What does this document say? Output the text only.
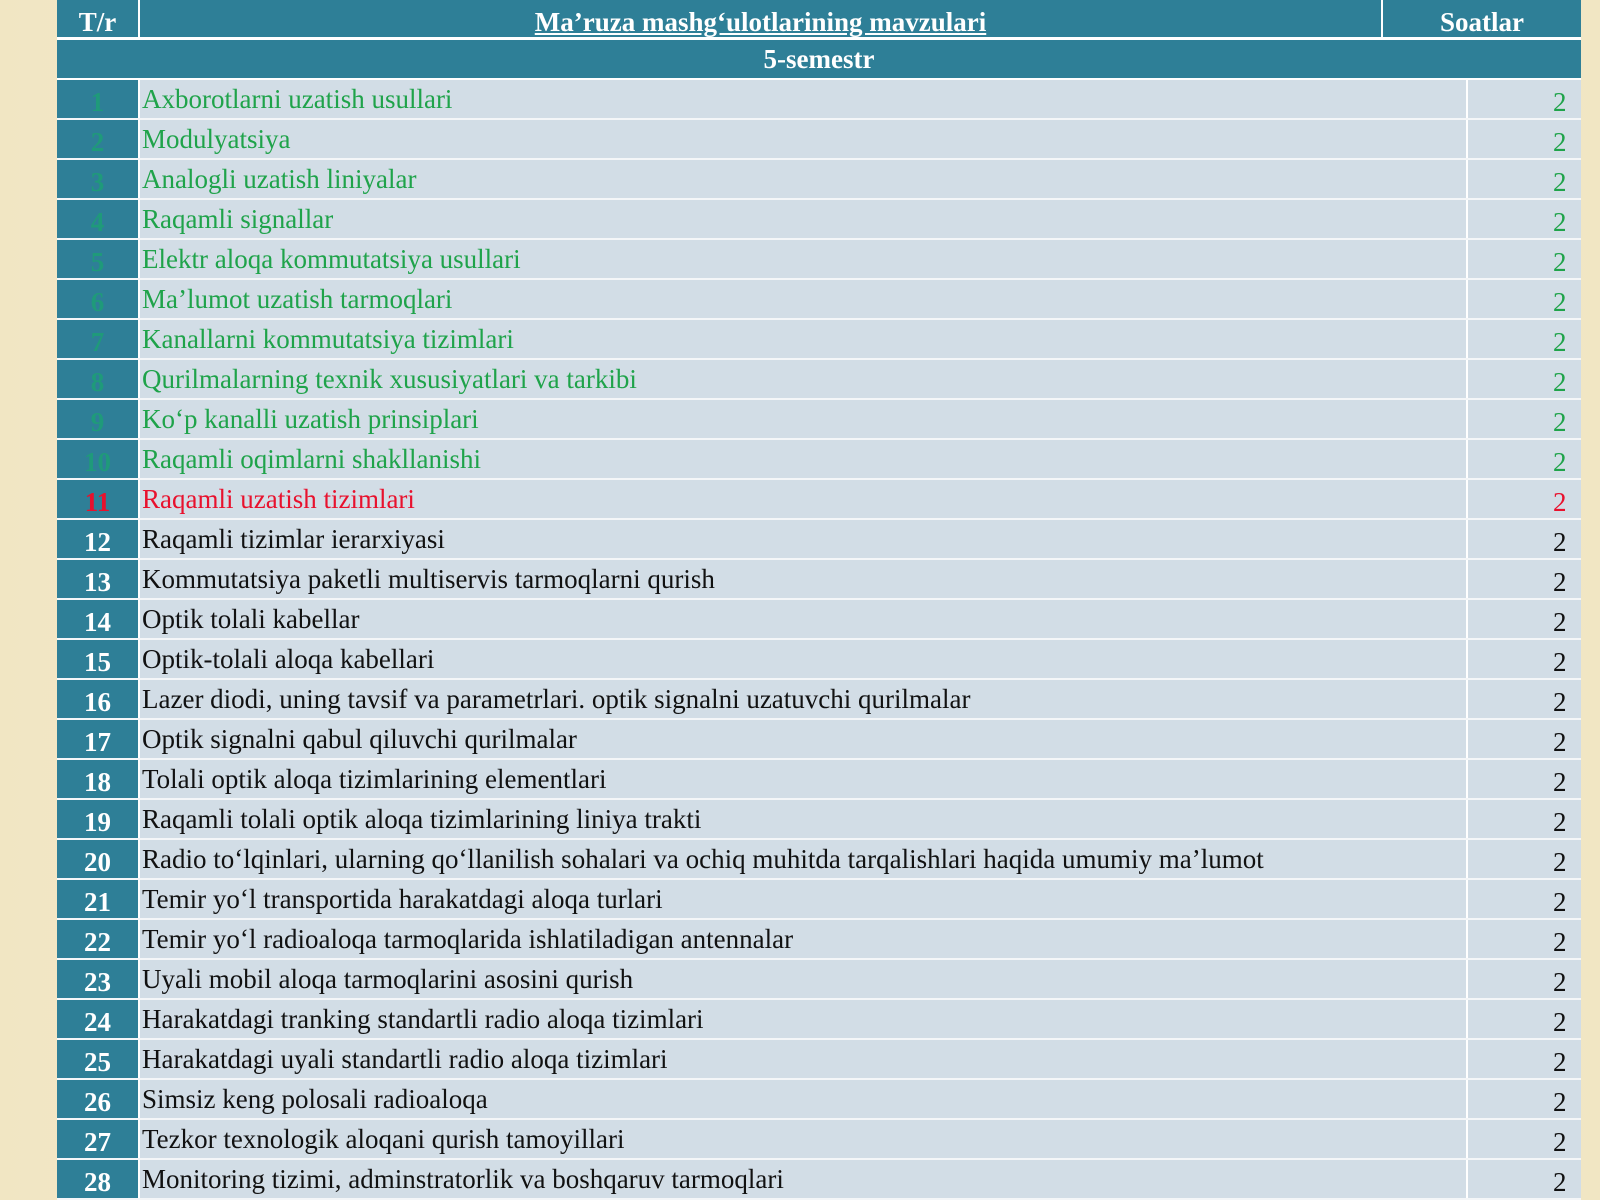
T/r	Ma’ruza mashg‘ulotlarining mavzulari	Soatlar
5-semestr
1	Axborotlarni uzatish usullari	2
2	Modulyatsiya	2
3	Analogli uzatish liniyalar	2
4	Raqamli signallar	2
5	Elektr aloqa kommutatsiya usullari	2
6	Ma’lumot uzatish tarmoqlari	2
7	Kanallarni kommutatsiya tizimlari	2
8	Qurilmalarning texnik xususiyatlari va tarkibi	2
9	Ko‘p kanalli uzatish prinsiplari	2
10	Raqamli oqimlarni shakllanishi	2
11	Raqamli uzatish tizimlari	2
12	Raqamli tizimlar ierarxiyasi	2
13	Kommutatsiya paketli multiservis tarmoqlarni qurish	2
14	Optik tolali kabellar	2
15	Optik-tolali aloqa kabellari	2
16	Lazer diodi, uning tavsif va parametrlari. optik signalni uzatuvchi qurilmalar	2
17	Optik signalni qabul qiluvchi qurilmalar	2
18	Tolali optik aloqa tizimlarining elementlari	2
19	Raqamli tolali optik aloqa tizimlarining liniya trakti	2
20	Radio to‘lqinlari, ularning qo‘llanilish sohalari va ochiq muhitda tarqalishlari haqida umumiy ma’lumot	2
21	Temir yo‘l transportida harakatdagi aloqa turlari	2
22	Temir yo‘l radioaloqa tarmoqlarida ishlatiladigan antennalar	2
23	Uyali mobil aloqa tarmoqlarini asosini qurish	2
24	Harakatdagi tranking standartli radio aloqa tizimlari	2
25	Harakatdagi uyali standartli radio aloqa tizimlari	2
26	Simsiz keng polosali radioaloqa	2
27	Tezkor texnologik aloqani qurish tamoyillari	2
28	Monitoring tizimi, adminstratorlik va boshqaruv tarmoqlari	2
